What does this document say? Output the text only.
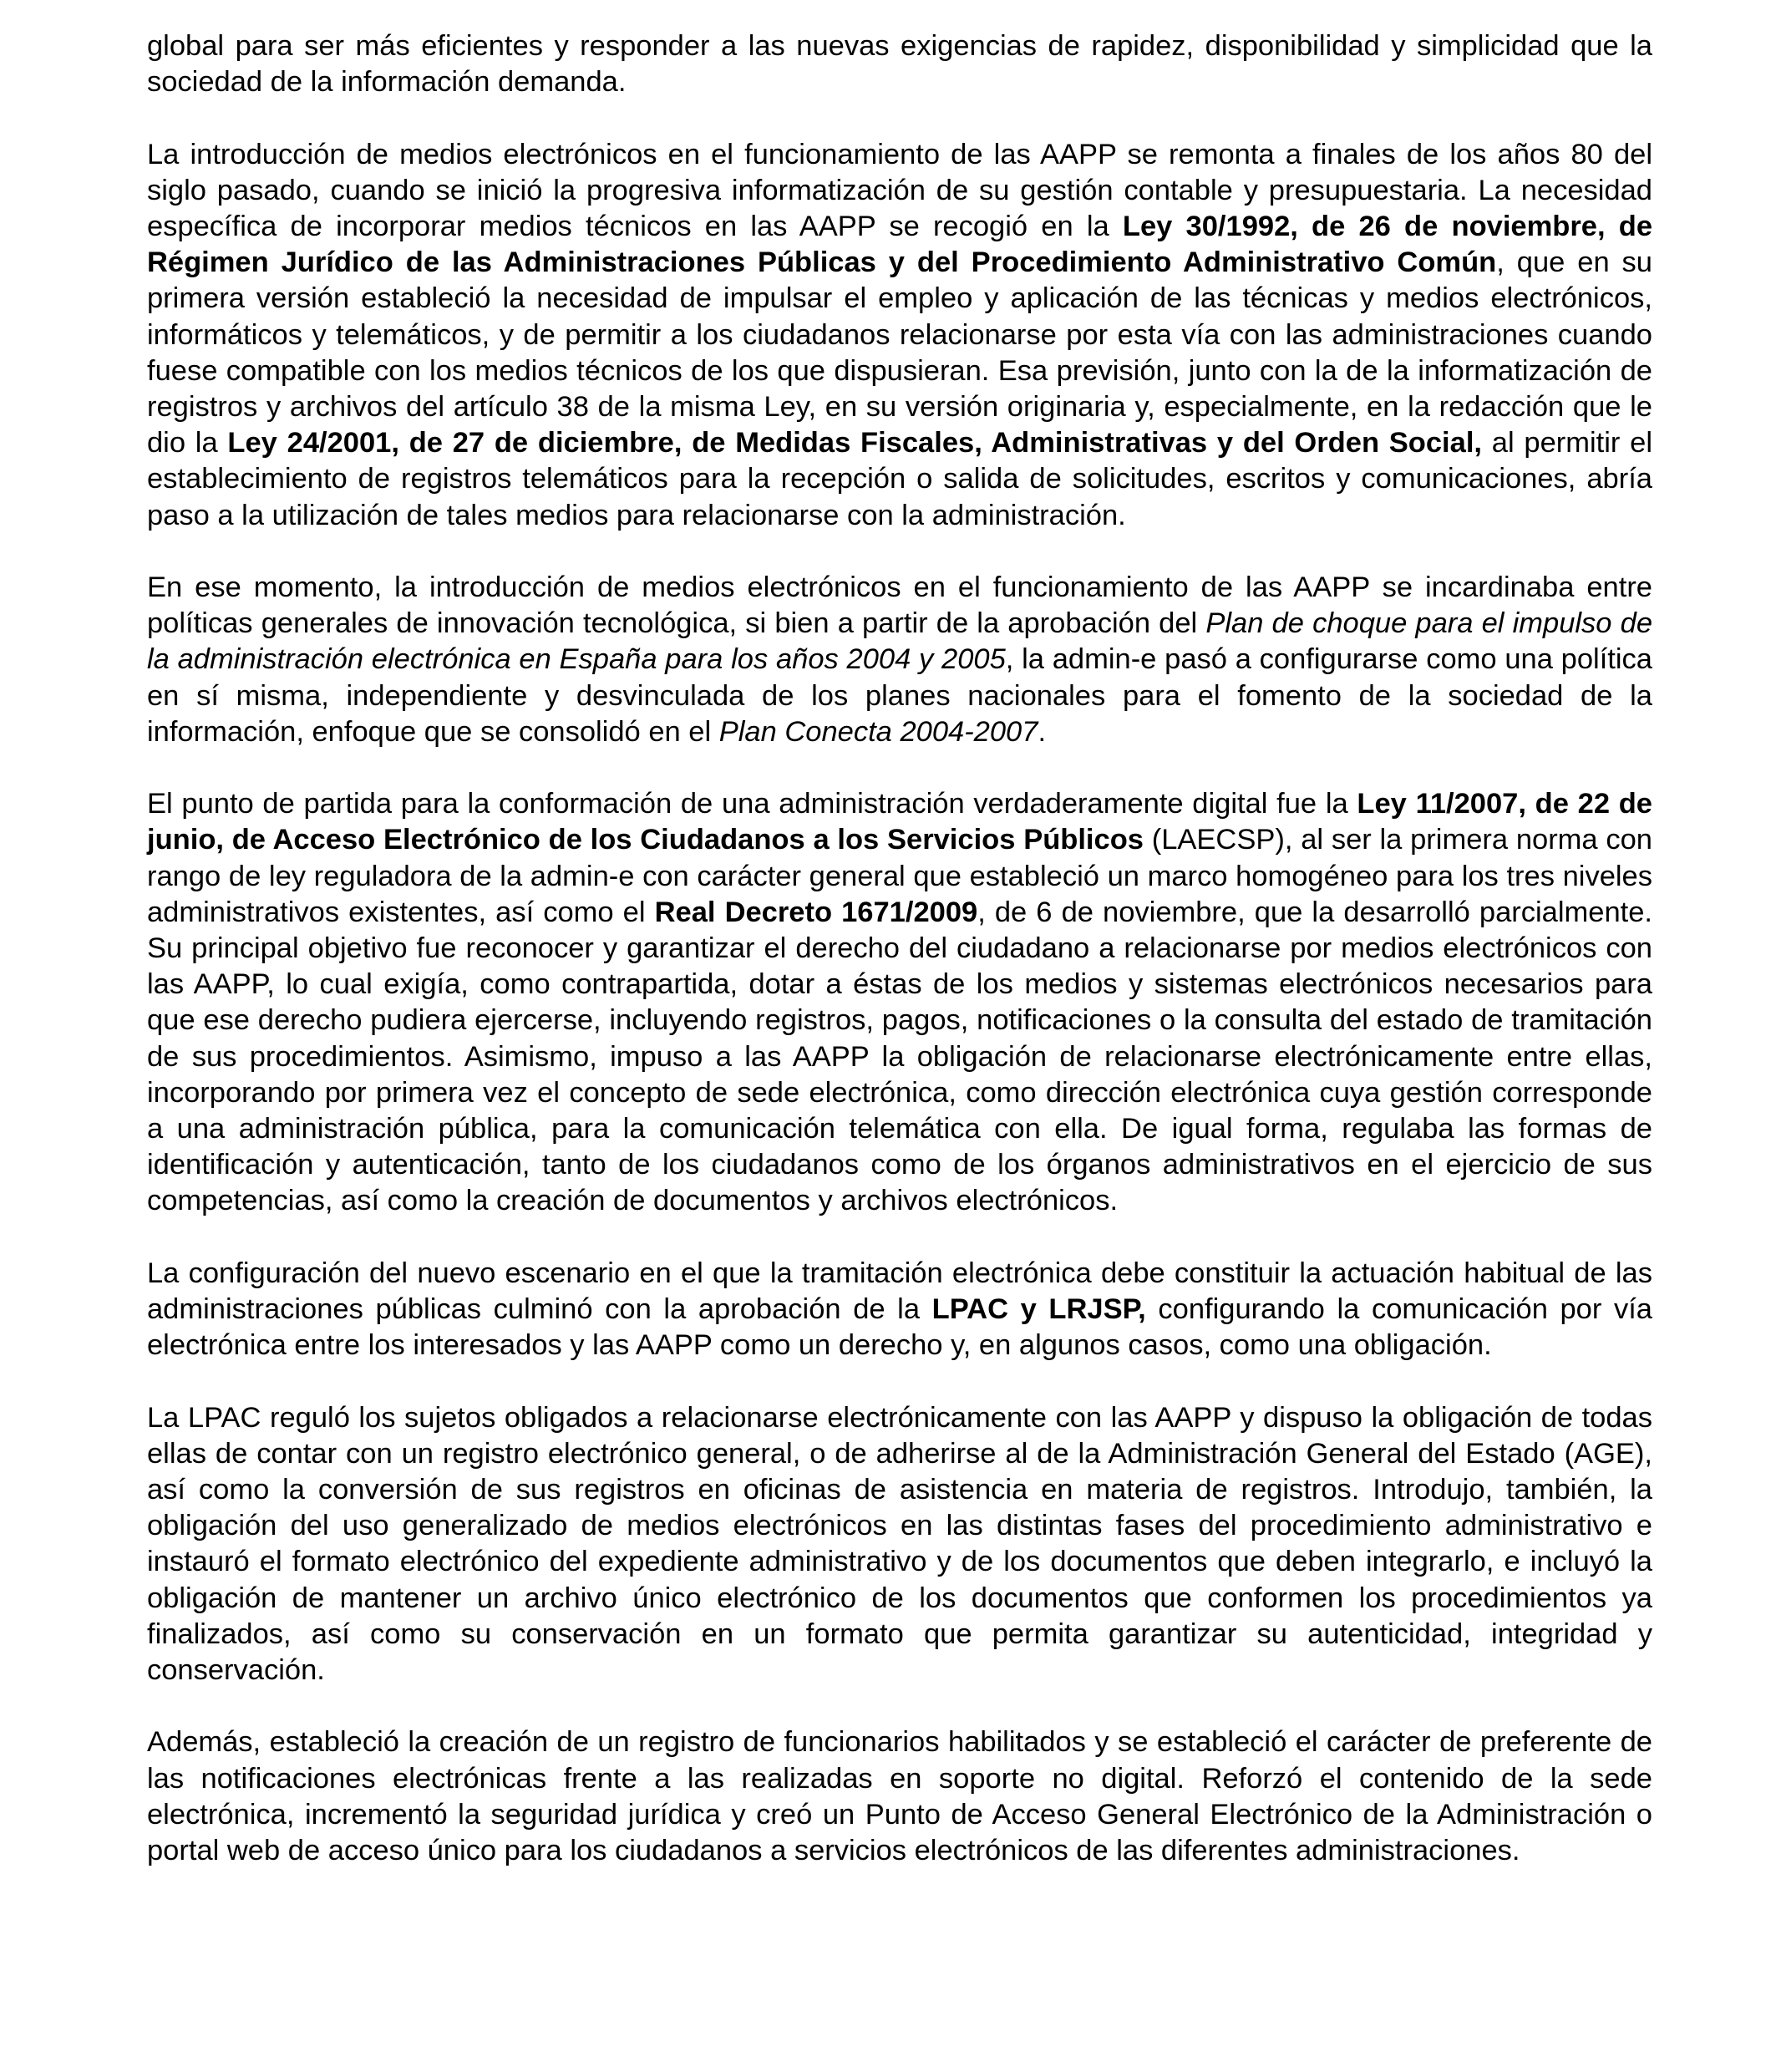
global para ser más eficientes y responder a las nuevas exigencias de rapidez, disponibilidad y simplicidad que la sociedad de la información demanda.

La introducción de medios electrónicos en el funcionamiento de las AAPP se remonta a finales de los años 80 del siglo pasado, cuando se inició la progresiva informatización de su gestión contable y presupuestaria. La necesidad específica de incorporar medios técnicos en las AAPP se recogió en la Ley 30/1992, de 26 de noviembre, de Régimen Jurídico de las Administraciones Públicas y del Procedimiento Administrativo Común, que en su primera versión estableció la necesidad de impulsar el empleo y aplicación de las técnicas y medios electrónicos, informáticos y telemáticos, y de permitir a los ciudadanos relacionarse por esta vía con las administraciones cuando fuese compatible con los medios técnicos de los que dispusieran. Esa previsión, junto con la de la informatización de registros y archivos del artículo 38 de la misma Ley, en su versión originaria y, especialmente, en la redacción que le dio la Ley 24/2001, de 27 de diciembre, de Medidas Fiscales, Administrativas y del Orden Social, al permitir el establecimiento de registros telemáticos para la recepción o salida de solicitudes, escritos y comunicaciones, abría paso a la utilización de tales medios para relacionarse con la administración.

En ese momento, la introducción de medios electrónicos en el funcionamiento de las AAPP se incardinaba entre políticas generales de innovación tecnológica, si bien a partir de la aprobación del Plan de choque para el impulso de la administración electrónica en España para los años 2004 y 2005, la admin-e pasó a configurarse como una política en sí misma, independiente y desvinculada de los planes nacionales para el fomento de la sociedad de la información, enfoque que se consolidó en el Plan Conecta 2004-2007.

El punto de partida para la conformación de una administración verdaderamente digital fue la Ley 11/2007, de 22 de junio, de Acceso Electrónico de los Ciudadanos a los Servicios Públicos (LAECSP), al ser la primera norma con rango de ley reguladora de la admin-e con carácter general que estableció un marco homogéneo para los tres niveles administrativos existentes, así como el Real Decreto 1671/2009, de 6 de noviembre, que la desarrolló parcialmente. Su principal objetivo fue reconocer y garantizar el derecho del ciudadano a relacionarse por medios electrónicos con las AAPP, lo cual exigía, como contrapartida, dotar a éstas de los medios y sistemas electrónicos necesarios para que ese derecho pudiera ejercerse, incluyendo registros, pagos, notificaciones o la consulta del estado de tramitación de sus procedimientos. Asimismo, impuso a las AAPP la obligación de relacionarse electrónicamente entre ellas, incorporando por primera vez el concepto de sede electrónica, como dirección electrónica cuya gestión corresponde a una administración pública, para la comunicación telemática con ella. De igual forma, regulaba las formas de identificación y autenticación, tanto de los ciudadanos como de los órganos administrativos en el ejercicio de sus competencias, así como la creación de documentos y archivos electrónicos.

La configuración del nuevo escenario en el que la tramitación electrónica debe constituir la actuación habitual de las administraciones públicas culminó con la aprobación de la LPAC y LRJSP, configurando la comunicación por vía electrónica entre los interesados y las AAPP como un derecho y, en algunos casos, como una obligación.

La LPAC reguló los sujetos obligados a relacionarse electrónicamente con las AAPP y dispuso la obligación de todas ellas de contar con un registro electrónico general, o de adherirse al de la Administración General del Estado (AGE), así como la conversión de sus registros en oficinas de asistencia en materia de registros. Introdujo, también, la obligación del uso generalizado de medios electrónicos en las distintas fases del procedimiento administrativo e instauró el formato electrónico del expediente administrativo y de los documentos que deben integrarlo, e incluyó la obligación de mantener un archivo único electrónico de los documentos que conformen los procedimientos ya finalizados, así como su conservación en un formato que permita garantizar su autenticidad, integridad y conservación.

Además, estableció la creación de un registro de funcionarios habilitados y se estableció el carácter de preferente de las notificaciones electrónicas frente a las realizadas en soporte no digital. Reforzó el contenido de la sede electrónica, incrementó la seguridad jurídica y creó un Punto de Acceso General Electrónico de la Administración o portal web de acceso único para los ciudadanos a servicios electrónicos de las diferentes administraciones.
